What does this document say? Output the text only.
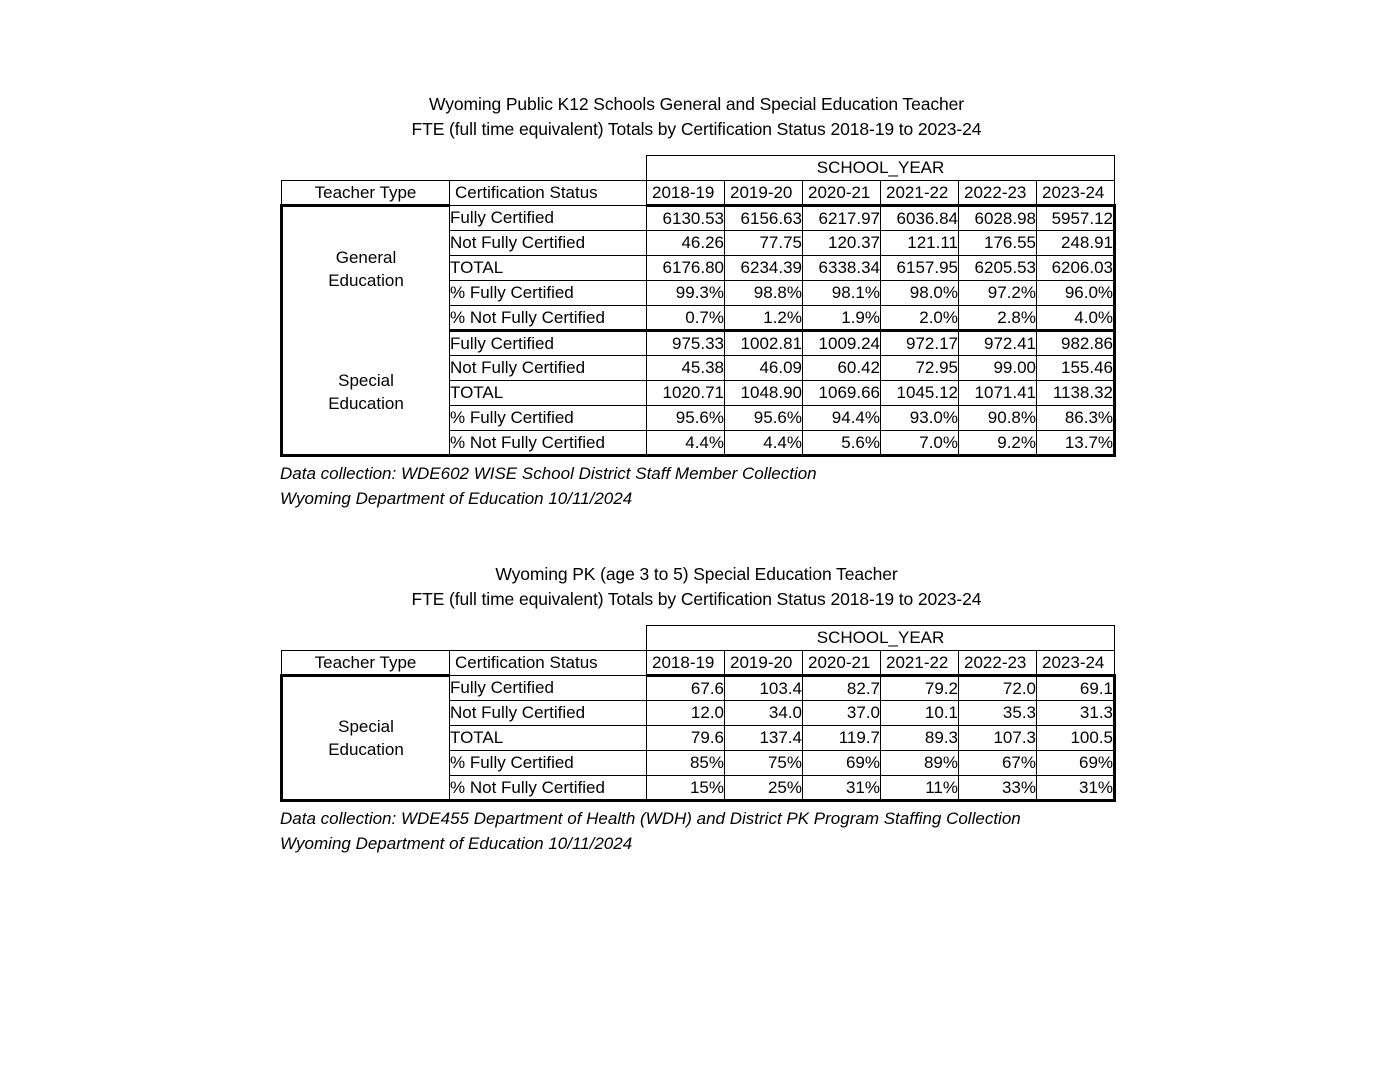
Wyoming Public K12 Schools General and Special Education Teacher
FTE (full time equivalent) Totals by Certification Status 2018-19 to 2023-24
		SCHOOL_YEAR					
Teacher Type	Certification Status	2018-19	2019-20	2020-21	2021-22	2022-23	2023-24

General
Education	Fully Certified	6130.53	6156.63	6217.97	6036.84	6028.98	5957.12
	Not Fully Certified	46.26	77.75	120.37	121.11	176.55	248.91
	TOTAL	6176.80	6234.39	6338.34	6157.95	6205.53	6206.03
	% Fully Certified	99.3%	98.8%	98.1%	98.0%	97.2%	96.0%
	% Not Fully Certified	0.7%	1.2%	1.9%	2.0%	2.8%	4.0%

Special
Education	Fully Certified	975.33	1002.81	1009.24	972.17	972.41	982.86
	Not Fully Certified	45.38	46.09	60.42	72.95	99.00	155.46
	TOTAL	1020.71	1048.90	1069.66	1045.12	1071.41	1138.32
	% Fully Certified	95.6%	95.6%	94.4%	93.0%	90.8%	86.3%
	% Not Fully Certified	4.4%	4.4%	5.6%	7.0%	9.2%	13.7%
Data collection: WDE602 WISE School District Staff Member Collection
Wyoming Department of Education 10/11/2024
Wyoming PK (age 3 to 5) Special Education Teacher
FTE (full time equivalent) Totals by Certification Status 2018-19 to 2023-24
		SCHOOL_YEAR					
Teacher Type	Certification Status	2018-19	2019-20	2020-21	2021-22	2022-23	2023-24

Special
Education	Fully Certified	67.6	103.4	82.7	79.2	72.0	69.1
	Not Fully Certified	12.0	34.0	37.0	10.1	35.3	31.3
	TOTAL	79.6	137.4	119.7	89.3	107.3	100.5
	% Fully Certified	85%	75%	69%	89%	67%	69%
	% Not Fully Certified	15%	25%	31%	11%	33%	31%
Data collection: WDE455 Department of Health (WDH) and District PK Program Staffing Collection
Wyoming Department of Education 10/11/2024
